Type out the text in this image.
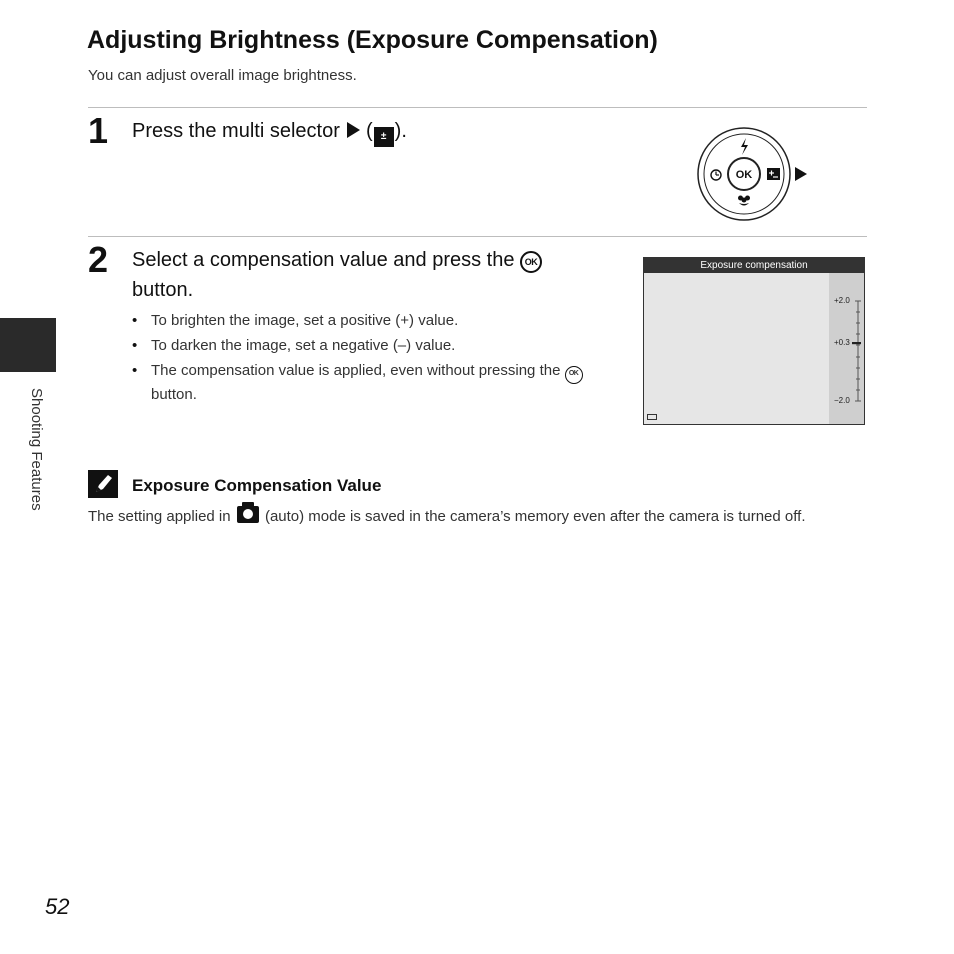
Adjusting Brightness (Exposure Compensation)
You can adjust overall image brightness.
1 Press the multi selector ( ± ).
OK
2 Select a compensation value and press the OK
button.
• To brighten the image, set a positive (+) value.
• To darken the image, set a negative (–) value.
• The compensation value is applied, even without pressing the OK button.
Exposure compensation
+2.0
+0.3
−2.0
Exposure Compensation Value
The setting applied in (auto) mode is saved in the camera’s memory even after the camera is turned off.
Shooting Features
52
